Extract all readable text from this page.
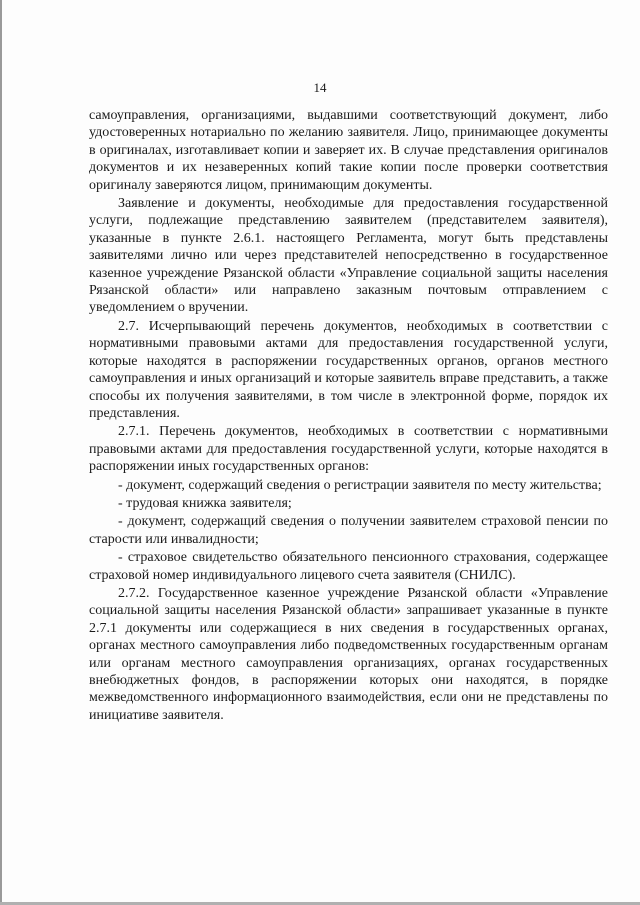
14

самоуправления, организациями, выдавшими соответствующий документ, либо удостоверенных нотариально по желанию заявителя. Лицо, принимающее документы в оригиналах, изготавливает копии и заверяет их. В случае представления оригиналов документов и их незаверенных копий такие копии после проверки соответствия оригиналу заверяются лицом, принимающим документы.

Заявление и документы, необходимые для предоставления государственной услуги, подлежащие представлению заявителем (представителем заявителя), указанные в пункте 2.6.1. настоящего Регламента, могут быть представлены заявителями лично или через представителей непосредственно в государственное казенное учреждение Рязанской области «Управление социальной защиты населения Рязанской области» или направлено заказным почтовым отправлением с уведомлением о вручении.

2.7. Исчерпывающий перечень документов, необходимых в соответствии с нормативными правовыми актами для предоставления государственной услуги, которые находятся в распоряжении государственных органов, органов местного самоуправления и иных организаций и которые заявитель вправе представить, а также способы их получения заявителями, в том числе в электронной форме, порядок их представления.

2.7.1. Перечень документов, необходимых в соответствии с нормативными правовыми актами для предоставления государственной услуги, которые находятся в распоряжении иных государственных органов:

- документ, содержащий сведения о регистрации заявителя по месту жительства;

- трудовая книжка заявителя;

- документ, содержащий сведения о получении заявителем страховой пенсии по старости или инвалидности;

- страховое свидетельство обязательного пенсионного страхования, содержащее страховой номер индивидуального лицевого счета заявителя (СНИЛС).

2.7.2. Государственное казенное учреждение Рязанской области «Управление социальной защиты населения Рязанской области» запрашивает указанные в пункте 2.7.1 документы или содержащиеся в них сведения в государственных органах, органах местного самоуправления либо подведомственных государственным органам или органам местного самоуправления организациях, органах государственных внебюджетных фондов, в распоряжении которых они находятся, в порядке межведомственного информационного взаимодействия, если они не представлены по инициативе заявителя.
